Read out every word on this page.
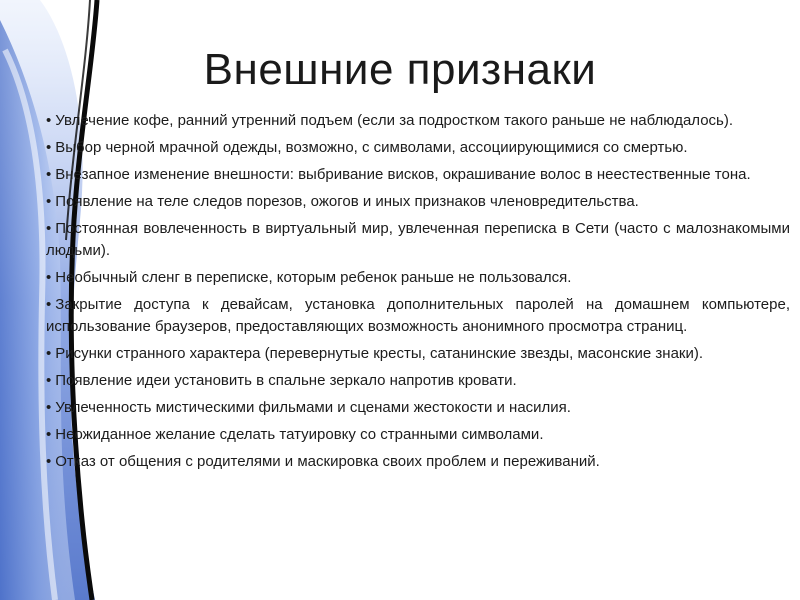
Внешние признаки

• Увлечение кофе, ранний утренний подъем (если за подростком такого раньше не наблюдалось).

• Выбор черной мрачной одежды, возможно, с символами, ассоциирующимися со смертью.

• Внезапное изменение внешности: выбривание висков, окрашивание волос в неестественные тона.

• Появление на теле следов порезов, ожогов и иных признаков членовредительства.

• Постоянная вовлеченность в виртуальный мир, увлеченная переписка в Сети (часто с малознакомыми людьми).

• Необычный сленг в переписке, которым ребенок раньше не пользовался.

• Закрытие доступа к девайсам, установка дополнительных паролей на домашнем компьютере, использование браузеров, предоставляющих возможность анонимного просмотра страниц.

• Рисунки странного характера (перевернутые кресты, сатанинские звезды, масонские знаки).

• Появление идеи установить в спальне зеркало напротив кровати.

• Увлеченность мистическими фильмами и сценами жестокости и насилия.

• Неожиданное желание сделать татуировку со странными символами.

• Отказ от общения с родителями и маскировка своих проблем и переживаний.
